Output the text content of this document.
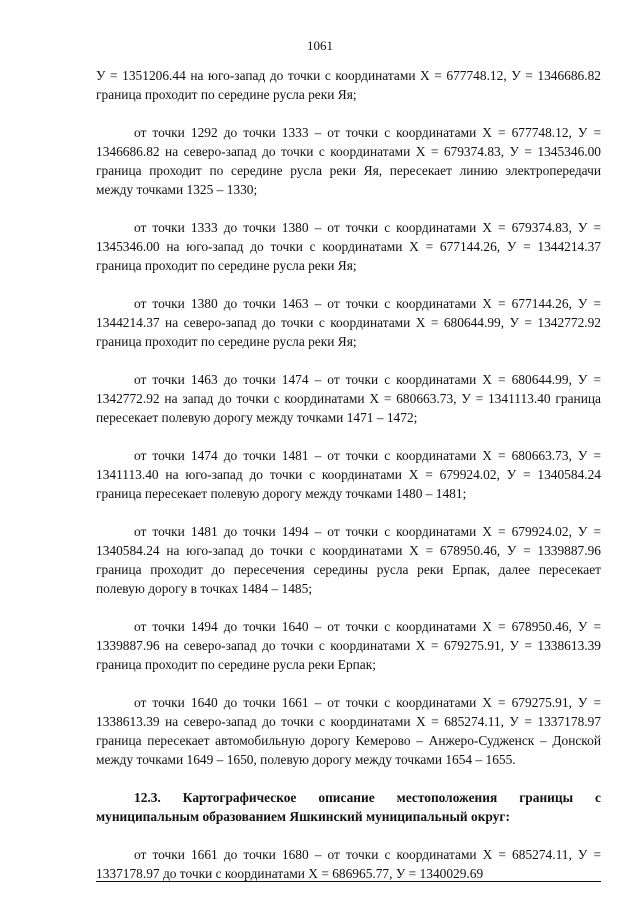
1061

У = 1351206.44 на юго-запад до точки с координатами Х = 677748.12, У = 1346686.82 граница проходит по середине русла реки Яя;

от точки 1292 до точки 1333 – от точки с координатами Х = 677748.12, У = 1346686.82 на северо-запад до точки с координатами Х = 679374.83, У = 1345346.00 граница проходит по середине русла реки Яя, пересекает линию электропередачи между точками 1325 – 1330;

от точки 1333 до точки 1380 – от точки с координатами Х = 679374.83, У = 1345346.00 на юго-запад до точки с координатами Х = 677144.26, У = 1344214.37 граница проходит по середине русла реки Яя;

от точки 1380 до точки 1463 – от точки с координатами Х = 677144.26, У = 1344214.37 на северо-запад до точки с координатами Х = 680644.99, У = 1342772.92 граница проходит по середине русла реки Яя;

от точки 1463 до точки 1474 – от точки с координатами Х = 680644.99, У = 1342772.92 на запад до точки с координатами Х = 680663.73, У = 1341113.40 граница пересекает полевую дорогу между точками 1471 – 1472;

от точки 1474 до точки 1481 – от точки с координатами Х = 680663.73, У = 1341113.40 на юго-запад до точки с координатами Х = 679924.02, У = 1340584.24 граница пересекает полевую дорогу между точками 1480 – 1481;

от точки 1481 до точки 1494 – от точки с координатами Х = 679924.02, У = 1340584.24 на юго-запад до точки с координатами Х = 678950.46, У = 1339887.96 граница проходит до пересечения середины русла реки Ерпак, далее пересекает полевую дорогу в точках 1484 – 1485;

от точки 1494 до точки 1640 – от точки с координатами Х = 678950.46, У = 1339887.96 на северо-запад до точки с координатами Х = 679275.91, У = 1338613.39 граница проходит по середине русла реки Ерпак;

от точки 1640 до точки 1661 – от точки с координатами Х = 679275.91, У = 1338613.39 на северо-запад до точки с координатами Х = 685274.11, У = 1337178.97 граница пересекает автомобильную дорогу Кемерово – Анжеро-Судженск – Донской между точками 1649 – 1650, полевую дорогу между точками 1654 – 1655.

12.3. Картографическое описание местоположения границы с муниципальным образованием Яшкинский муниципальный округ:

от точки 1661 до точки 1680 – от точки с координатами Х = 685274.11, У = 1337178.97 до точки с координатами Х = 686965.77, У = 1340029.69
